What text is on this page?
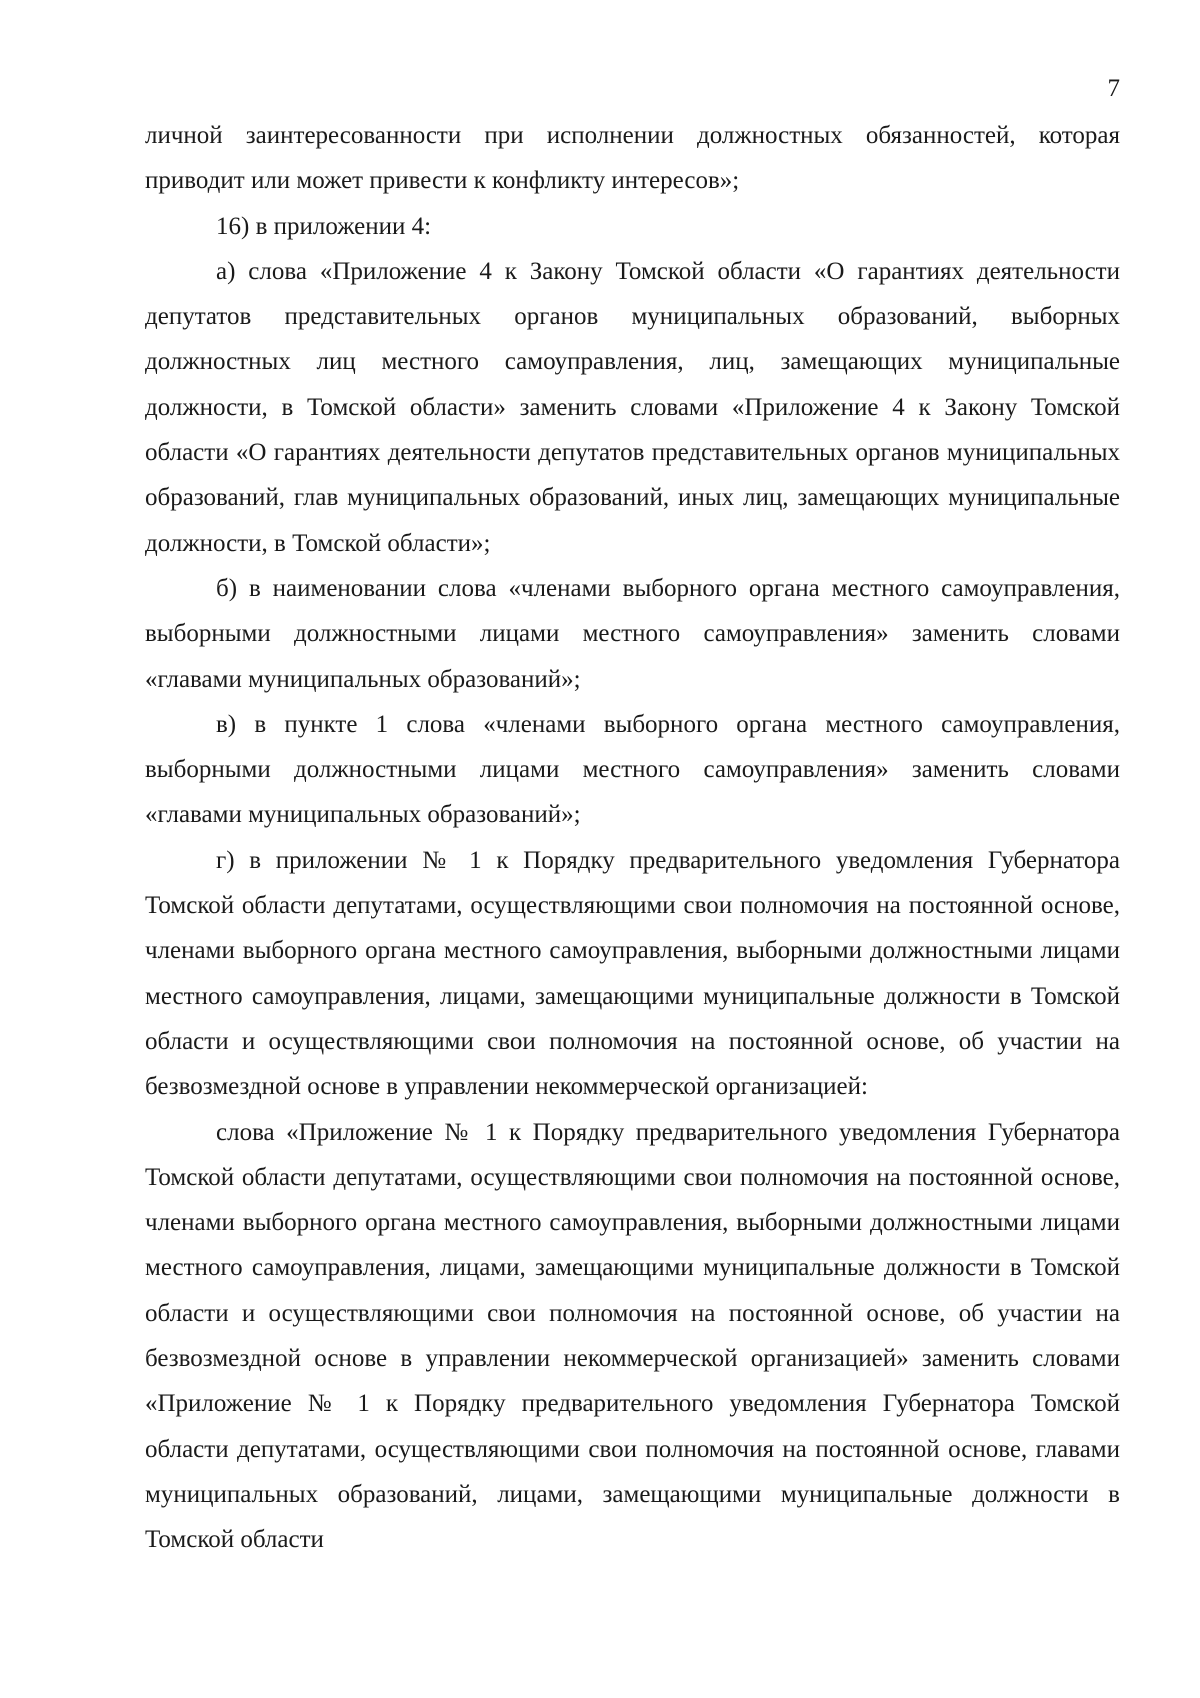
7

личной заинтересованности при исполнении должностных обязанностей, которая приводит или может привести к конфликту интересов»;

16) в приложении 4:

а) слова «Приложение 4 к Закону Томской области «О гарантиях деятельности депутатов представительных органов муниципальных образований, выборных должностных лиц местного самоуправления, лиц, замещающих муниципальные должности, в Томской области» заменить словами «Приложение 4 к Закону Томской области «О гарантиях деятельности депутатов представительных органов муниципальных образований, глав муниципальных образований, иных лиц, замещающих муниципальные должности, в Томской области»;

б) в наименовании слова «членами выборного органа местного самоуправления, выборными должностными лицами местного самоуправления» заменить словами «главами муниципальных образований»;

в) в пункте 1 слова «членами выборного органа местного самоуправления, выборными должностными лицами местного самоуправления» заменить словами «главами муниципальных образований»;

г) в приложении № 1 к Порядку предварительного уведомления Губернатора Томской области депутатами, осуществляющими свои полномочия на постоянной основе, членами выборного органа местного самоуправления, выборными должностными лицами местного самоуправления, лицами, замещающими муниципальные должности в Томской области и осуществляющими свои полномочия на постоянной основе, об участии на безвозмездной основе в управлении некоммерческой организацией:

слова «Приложение № 1 к Порядку предварительного уведомления Губернатора Томской области депутатами, осуществляющими свои полномочия на постоянной основе, членами выборного органа местного самоуправления, выборными должностными лицами местного самоуправления, лицами, замещающими муниципальные должности в Томской области и осуществляющими свои полномочия на постоянной основе, об участии на безвозмездной основе в управлении некоммерческой организацией» заменить словами «Приложение № 1 к Порядку предварительного уведомления Губернатора Томской области депутатами, осуществляющими свои полномочия на постоянной основе, главами муниципальных образований, лицами, замещающими муниципальные должности в Томской области
